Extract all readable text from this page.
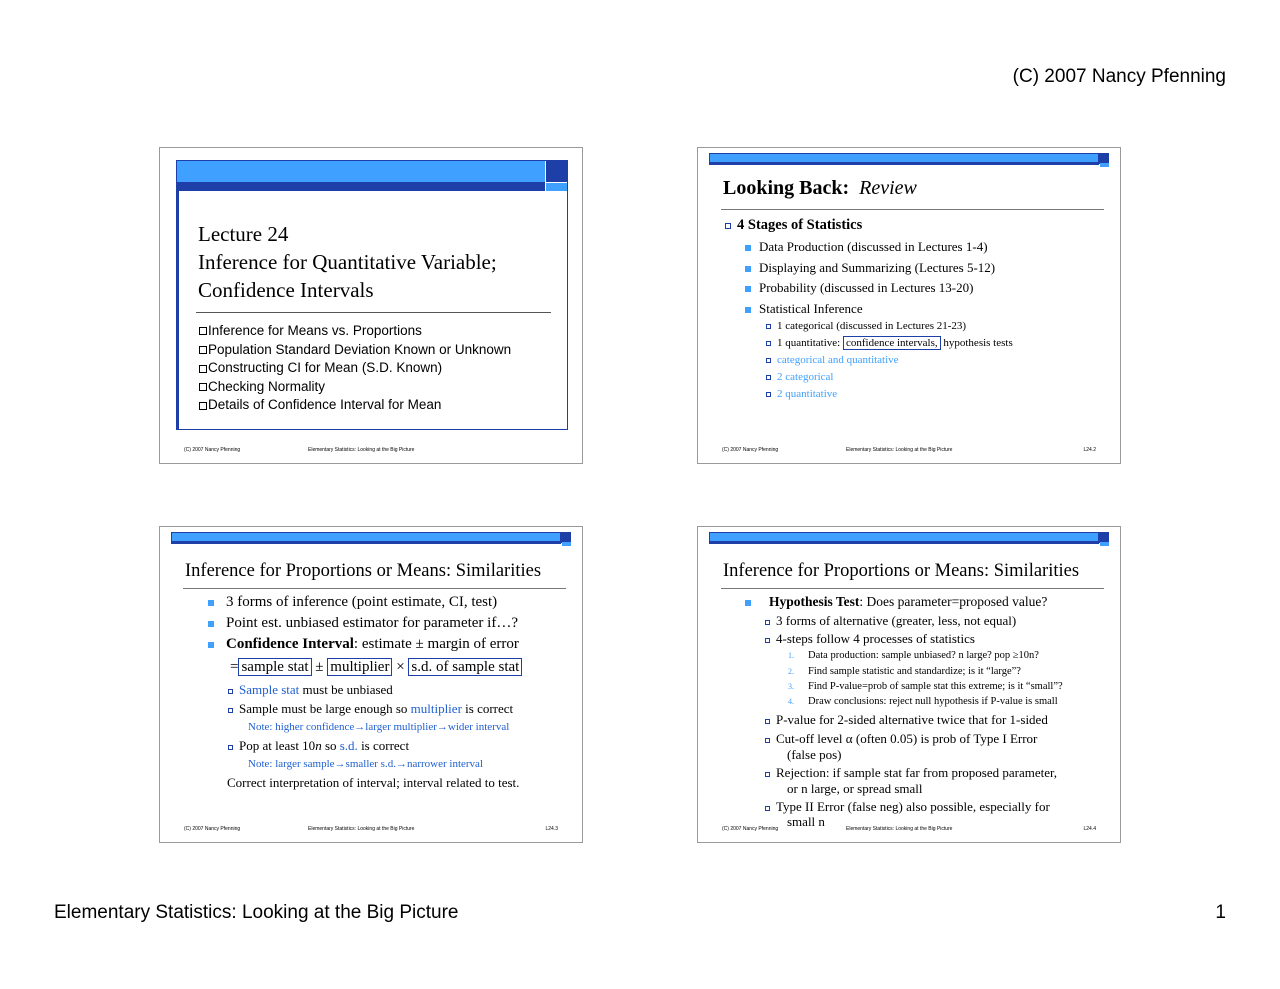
(C) 2007 Nancy Pfenning
Lecture 24
Inference for Quantitative Variable;
Confidence Intervals
Inference for Means vs. Proportions
Population Standard Deviation Known or Unknown
Constructing CI for Mean (S.D. Known)
Checking Normality
Details of Confidence Interval for Mean
(C) 2007 Nancy Pfenning	Elementary Statistics: Looking at the Big Picture
Looking Back: Review
4 Stages of Statistics
Data Production (discussed in Lectures 1-4)
Displaying and Summarizing (Lectures 5-12)
Probability (discussed in Lectures 13-20)
Statistical Inference
1 categorical (discussed in Lectures 21-23)
1 quantitative: confidence intervals, hypothesis tests
categorical and quantitative
2 categorical
2 quantitative
(C) 2007 Nancy Pfenning	Elementary Statistics: Looking at the Big Picture	L24.2
Inference for Proportions or Means: Similarities
3 forms of inference (point estimate, CI, test)
Point est. unbiased estimator for parameter if…?
Confidence Interval: estimate ± margin of error
= sample stat ± multiplier × s.d. of sample stat
Sample stat must be unbiased
Sample must be large enough so multiplier is correct
Note: higher confidence→larger multiplier→wider interval
Pop at least 10n so s.d. is correct
Note: larger sample→smaller s.d.→narrower interval
Correct interpretation of interval; interval related to test.
(C) 2007 Nancy Pfenning	Elementary Statistics: Looking at the Big Picture	L24.3
Inference for Proportions or Means: Similarities
Hypothesis Test: Does parameter=proposed value?
3 forms of alternative (greater, less, not equal)
4-steps follow 4 processes of statistics
1. Data production: sample unbiased? n large? pop ≥10n?
2. Find sample statistic and standardize; is it “large”?
3. Find P-value=prob of sample stat this extreme; is it “small”?
4. Draw conclusions: reject null hypothesis if P-value is small
P-value for 2-sided alternative twice that for 1-sided
Cut-off level α (often 0.05) is prob of Type I Error
(false pos)
Rejection: if sample stat far from proposed parameter,
or n large, or spread small
Type II Error (false neg) also possible, especially for
small n
(C) 2007 Nancy Pfenning	Elementary Statistics: Looking at the Big Picture	L24.4
Elementary Statistics: Looking at the Big Picture	1
